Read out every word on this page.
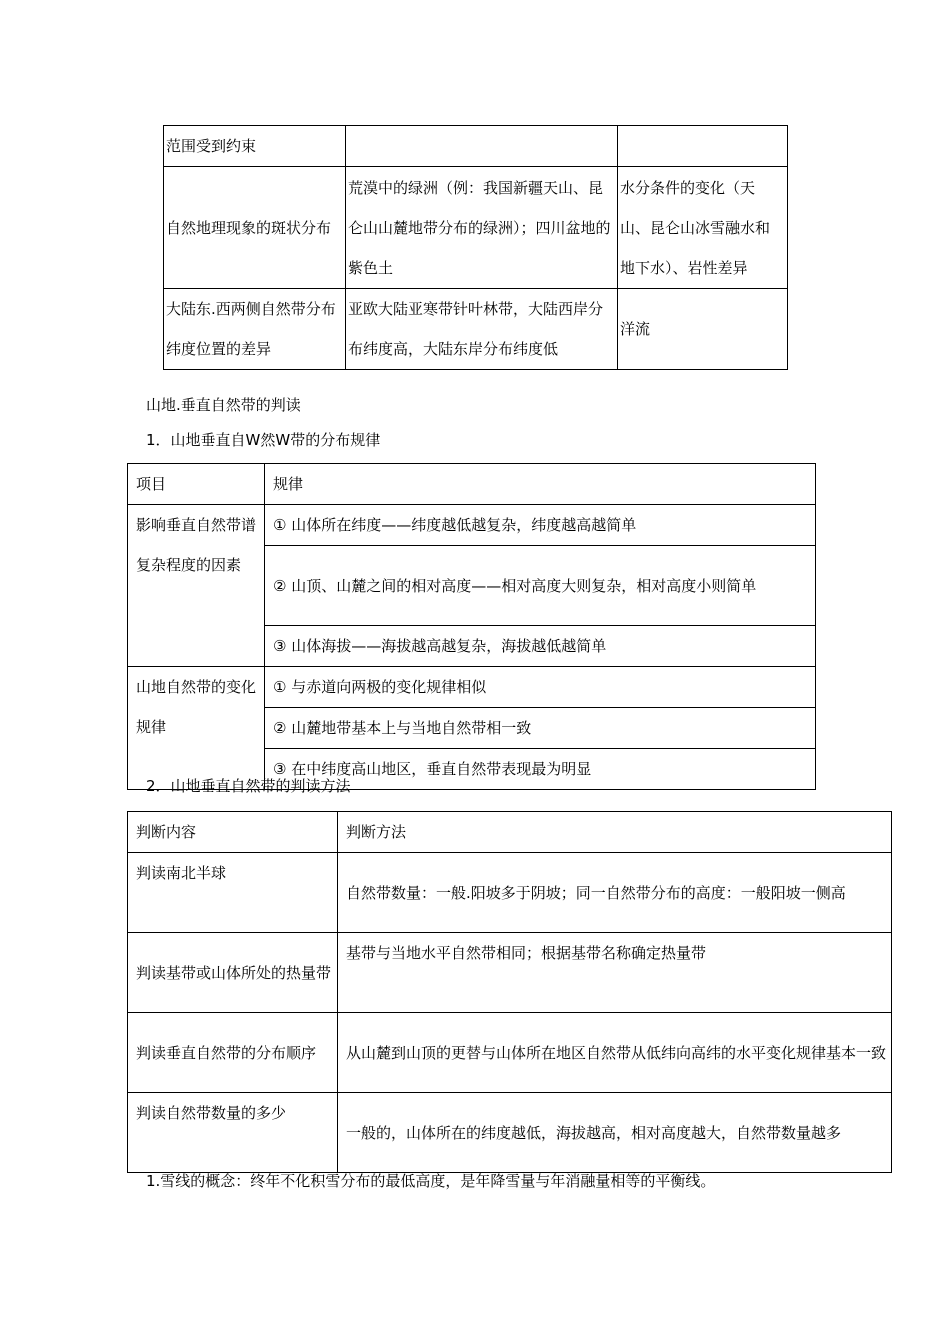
范围受到约束		
自然地理现象的斑状分布	荒漠中的绿洲（例：我国新疆天山、昆仑山山麓地带分布的绿洲）；四川盆地的紫色土	水分条件的变化（天山、昆仑山冰雪融水和地下水）、岩性差异
大陆东.西两侧自然带分布纬度位置的差异	亚欧大陆亚寒带针叶林带，大陆西岸分布纬度高，大陆东岸分布纬度低	洋流
山地.垂直自然带的判读
1．山地垂直自W然W带的分布规律
项目	规律
影响垂直自然带谱复杂程度的因素	① 山体所在纬度——纬度越低越复杂，纬度越高越简单
	② 山顶、山麓之间的相对高度——相对高度大则复杂，相对高度小则简单
	③ 山体海拔——海拔越高越复杂，海拔越低越简单
山地自然带的变化规律	① 与赤道向两极的变化规律相似
	② 山麓地带基本上与当地自然带相一致
	③ 在中纬度高山地区，垂直自然带表现最为明显
2．山地垂直自然带的判读方法
判断内容	判断方法
判读南北半球	自然带数量：一般.阳坡多于阴坡；同一自然带分布的高度：一般阳坡一侧高
判读基带或山体所处的热量带	基带与当地水平自然带相同；根据基带名称确定热量带
判读垂直自然带的分布顺序	从山麓到山顶的更替与山体所在地区自然带从低纬向高纬的水平变化规律基本一致
判读自然带数量的多少	一般的，山体所在的纬度越低，海拔越高，相对高度越大，自然带数量越多
1.雪线的概念：终年不化积雪分布的最低高度，是年降雪量与年消融量相等的平衡线。
